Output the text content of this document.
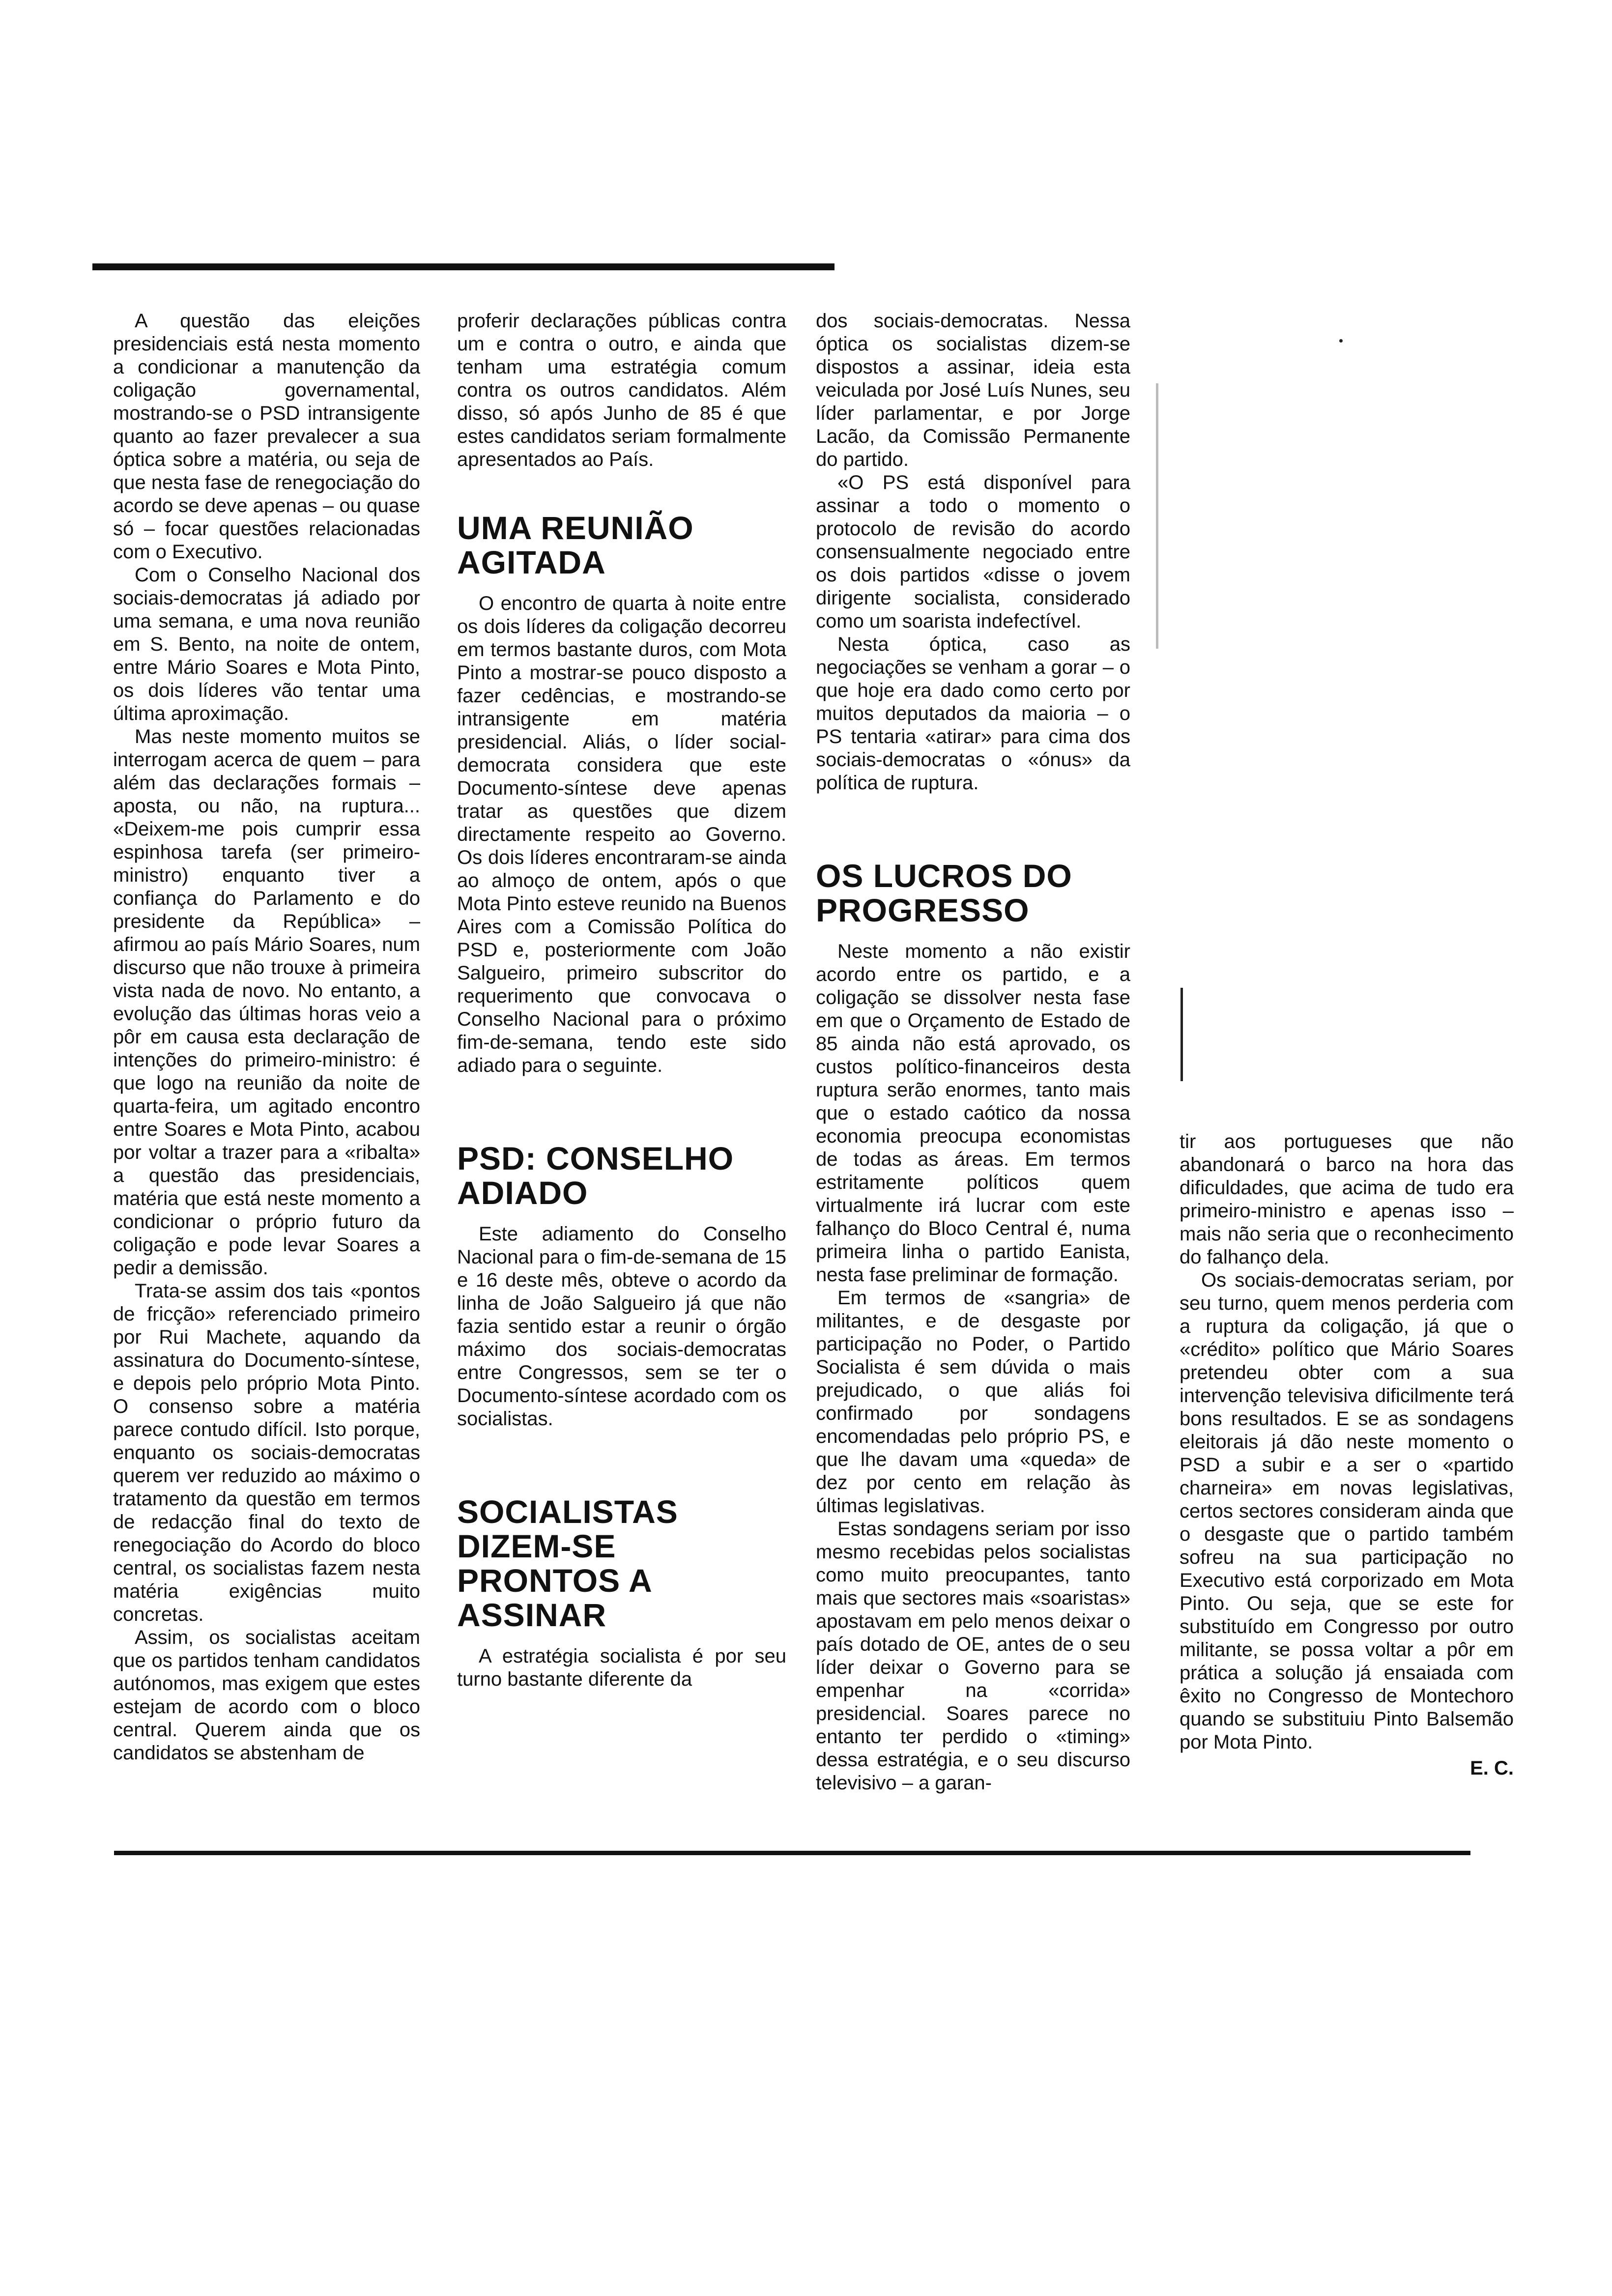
A questão das eleições presidenciais está nesta momento a condicionar a manutenção da coligação governamental, mostrando-se o PSD intransigente quanto ao fazer prevalecer a sua óptica sobre a matéria, ou seja de que nesta fase de renegociação do acordo se deve apenas – ou quase só – focar questões relacionadas com o Executivo.

Com o Conselho Nacional dos sociais-democratas já adiado por uma semana, e uma nova reunião em S. Bento, na noite de ontem, entre Mário Soares e Mota Pinto, os dois líderes vão tentar uma última aproximação.

Mas neste momento muitos se interrogam acerca de quem – para além das declarações formais – aposta, ou não, na ruptura... «Deixem-me pois cumprir essa espinhosa tarefa (ser primeiro-ministro) enquanto tiver a confiança do Parlamento e do presidente da República» – afirmou ao país Mário Soares, num discurso que não trouxe à primeira vista nada de novo. No entanto, a evolução das últimas horas veio a pôr em causa esta declaração de intenções do primeiro-ministro: é que logo na reunião da noite de quarta-feira, um agitado encontro entre Soares e Mota Pinto, acabou por voltar a trazer para a «ribalta» a questão das presidenciais, matéria que está neste momento a condicionar o próprio futuro da coligação e pode levar Soares a pedir a demissão.

Trata-se assim dos tais «pontos de fricção» referenciado primeiro por Rui Machete, aquando da assinatura do Documento-síntese, e depois pelo próprio Mota Pinto. O consenso sobre a matéria parece contudo difícil. Isto porque, enquanto os sociais-democratas querem ver reduzido ao máximo o tratamento da questão em termos de redacção final do texto de renegociação do Acordo do bloco central, os socialistas fazem nesta matéria exigências muito concretas.

Assim, os socialistas aceitam que os partidos tenham candidatos autónomos, mas exigem que estes estejam de acordo com o bloco central. Querem ainda que os candidatos se abstenham de

proferir declarações públicas contra um e contra o outro, e ainda que tenham uma estratégia comum contra os outros candidatos. Além disso, só após Junho de 85 é que estes candidatos seriam formalmente apresentados ao País.

UMA REUNIÃO AGITADA

O encontro de quarta à noite entre os dois líderes da coligação decorreu em termos bastante duros, com Mota Pinto a mostrar-se pouco disposto a fazer cedências, e mostrando-se intransigente em matéria presidencial. Aliás, o líder social-democrata considera que este Documento-síntese deve apenas tratar as questões que dizem directamente respeito ao Governo. Os dois líderes encontraram-se ainda ao almoço de ontem, após o que Mota Pinto esteve reunido na Buenos Aires com a Comissão Política do PSD e, posteriormente com João Salgueiro, primeiro subscritor do requerimento que convocava o Conselho Nacional para o próximo fim-de-semana, tendo este sido adiado para o seguinte.

PSD: CONSELHO ADIADO

Este adiamento do Conselho Nacional para o fim-de-semana de 15 e 16 deste mês, obteve o acordo da linha de João Salgueiro já que não fazia sentido estar a reunir o órgão máximo dos sociais-democratas entre Congressos, sem se ter o Documento-síntese acordado com os socialistas.

SOCIALISTAS DIZEM-SE PRONTOS A ASSINAR

A estratégia socialista é por seu turno bastante diferente da

dos sociais-democratas. Nessa óptica os socialistas dizem-se dispostos a assinar, ideia esta veiculada por José Luís Nunes, seu líder parlamentar, e por Jorge Lacão, da Comissão Permanente do partido.

«O PS está disponível para assinar a todo o momento o protocolo de revisão do acordo consensualmente negociado entre os dois partidos «disse o jovem dirigente socialista, considerado como um soarista indefectível.

Nesta óptica, caso as negociações se venham a gorar – o que hoje era dado como certo por muitos deputados da maioria – o PS tentaria «atirar» para cima dos sociais-democratas o «ónus» da política de ruptura.

OS LUCROS DO PROGRESSO

Neste momento a não existir acordo entre os partido, e a coligação se dissolver nesta fase em que o Orçamento de Estado de 85 ainda não está aprovado, os custos político-financeiros desta ruptura serão enormes, tanto mais que o estado caótico da nossa economia preocupa economistas de todas as áreas. Em termos estritamente políticos quem virtualmente irá lucrar com este falhanço do Bloco Central é, numa primeira linha o partido Eanista, nesta fase preliminar de formação.

Em termos de «sangria» de militantes, e de desgaste por participação no Poder, o Partido Socialista é sem dúvida o mais prejudicado, o que aliás foi confirmado por sondagens encomendadas pelo próprio PS, e que lhe davam uma «queda» de dez por cento em relação às últimas legislativas.

Estas sondagens seriam por isso mesmo recebidas pelos socialistas como muito preocupantes, tanto mais que sectores mais «soaristas» apostavam em pelo menos deixar o país dotado de OE, antes de o seu líder deixar o Governo para se empenhar na «corrida» presidencial. Soares parece no entanto ter perdido o «timing» dessa estratégia, e o seu discurso televisivo – a garan-

tir aos portugueses que não abandonará o barco na hora das dificuldades, que acima de tudo era primeiro-ministro e apenas isso – mais não seria que o reconhecimento do falhanço dela.

Os sociais-democratas seriam, por seu turno, quem menos perderia com a ruptura da coligação, já que o «crédito» político que Mário Soares pretendeu obter com a sua intervenção televisiva dificilmente terá bons resultados. E se as sondagens eleitorais já dão neste momento o PSD a subir e a ser o «partido charneira» em novas legislativas, certos sectores consideram ainda que o desgaste que o partido também sofreu na sua participação no Executivo está corporizado em Mota Pinto. Ou seja, que se este for substituído em Congresso por outro militante, se possa voltar a pôr em prática a solução já ensaiada com êxito no Congresso de Montechoro quando se substituiu Pinto Balsemão por Mota Pinto.

E. C.
